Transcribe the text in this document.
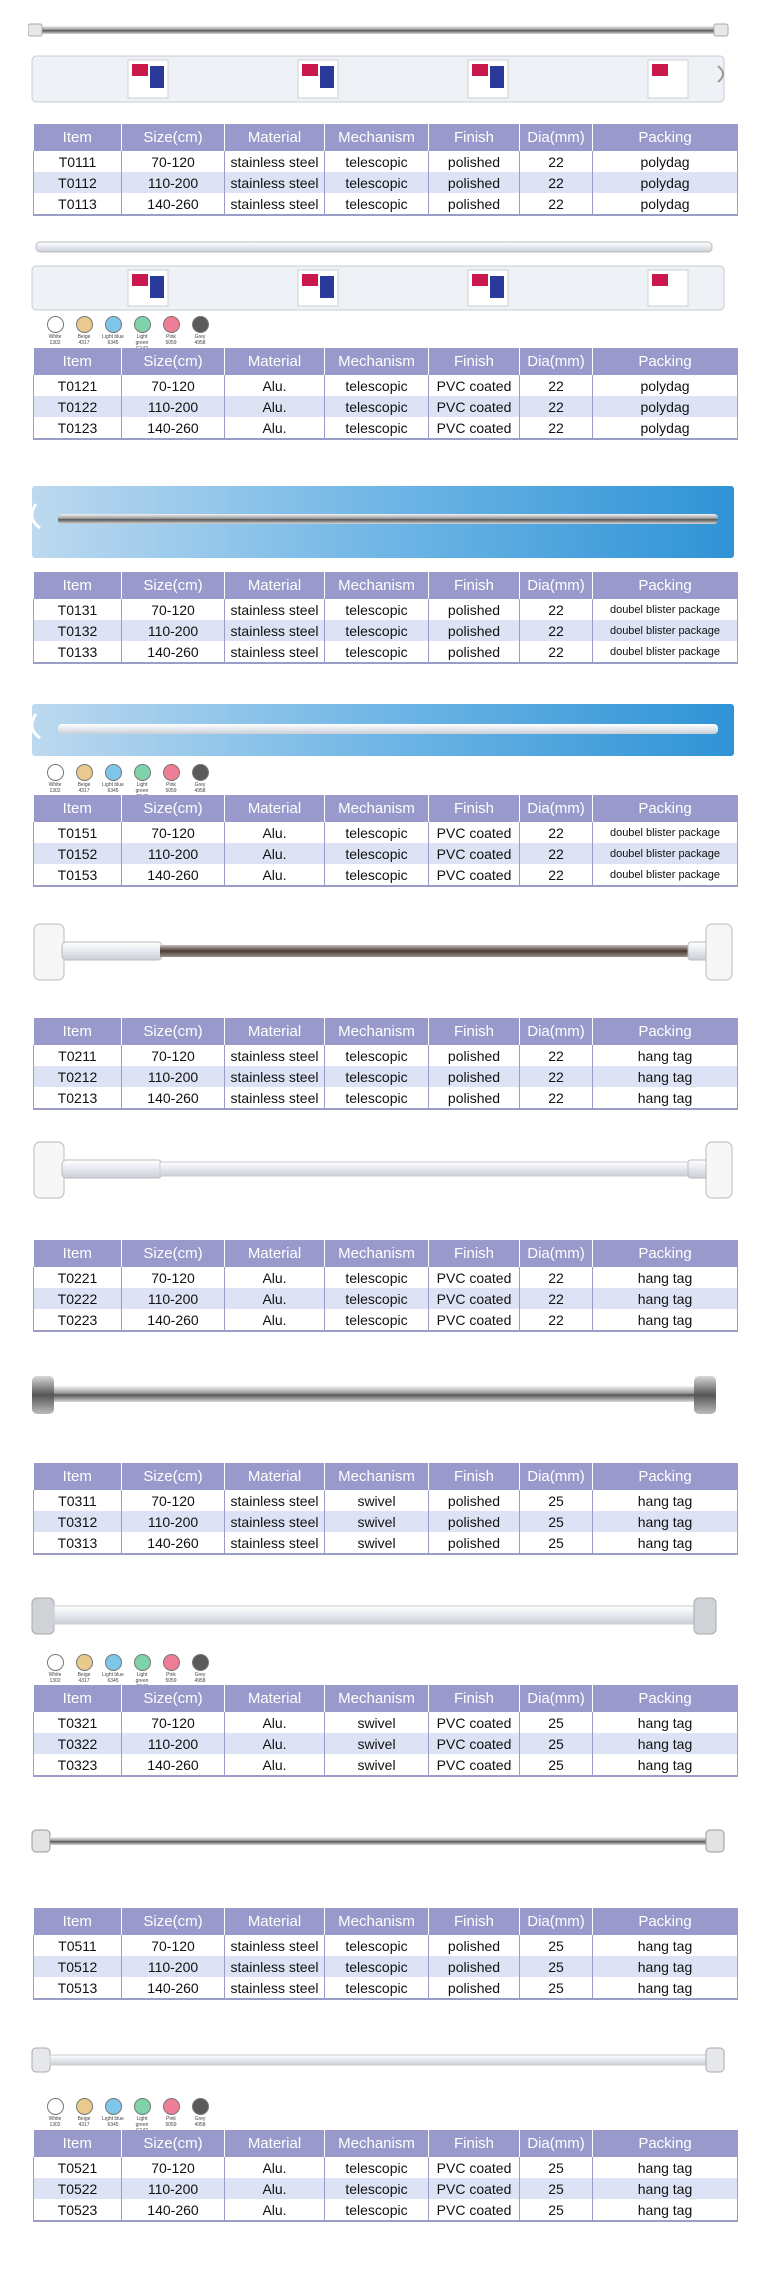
White
1302
Beige
4317
Light blue
6345
Light green
Pink
5059
Grey
4958
White
1302
Beige
4317
Light blue
6345
Light green
Pink
5059
Grey
4958
White
1302
Beige
4317
Light blue
6345
Light green
Pink
5059
Grey
4958
White
1302
Beige
4317
Light blue
6345
Light green
Pink
5059
Grey
4958
Item	Size(cm)	Material	Mechanism	Finish	Dia(mm)	Packing
T0111	70-120	stainless steel	telescopic	polished	22	polydag
T0112	110-200	stainless steel	telescopic	polished	22	polydag
T0113	140-260	stainless steel	telescopic	polished	22	polydag
Item	Size(cm)	Material	Mechanism	Finish	Dia(mm)	Packing
T0121	70-120	Alu.	telescopic	PVC coated	22	polydag
T0122	110-200	Alu.	telescopic	PVC coated	22	polydag
T0123	140-260	Alu.	telescopic	PVC coated	22	polydag
Item	Size(cm)	Material	Mechanism	Finish	Dia(mm)	Packing
T0131	70-120	stainless steel	telescopic	polished	22	doubel blister package
T0132	110-200	stainless steel	telescopic	polished	22	doubel blister package
T0133	140-260	stainless steel	telescopic	polished	22	doubel blister package
Item	Size(cm)	Material	Mechanism	Finish	Dia(mm)	Packing
T0151	70-120	Alu.	telescopic	PVC coated	22	doubel blister package
T0152	110-200	Alu.	telescopic	PVC coated	22	doubel blister package
T0153	140-260	Alu.	telescopic	PVC coated	22	doubel blister package
Item	Size(cm)	Material	Mechanism	Finish	Dia(mm)	Packing
T0211	70-120	stainless steel	telescopic	polished	22	hang tag
T0212	110-200	stainless steel	telescopic	polished	22	hang tag
T0213	140-260	stainless steel	telescopic	polished	22	hang tag
Item	Size(cm)	Material	Mechanism	Finish	Dia(mm)	Packing
T0221	70-120	Alu.	telescopic	PVC coated	22	hang tag
T0222	110-200	Alu.	telescopic	PVC coated	22	hang tag
T0223	140-260	Alu.	telescopic	PVC coated	22	hang tag
Item	Size(cm)	Material	Mechanism	Finish	Dia(mm)	Packing
T0311	70-120	stainless steel	swivel	polished	25	hang tag
T0312	110-200	stainless steel	swivel	polished	25	hang tag
T0313	140-260	stainless steel	swivel	polished	25	hang tag
Item	Size(cm)	Material	Mechanism	Finish	Dia(mm)	Packing
T0321	70-120	Alu.	swivel	PVC coated	25	hang tag
T0322	110-200	Alu.	swivel	PVC coated	25	hang tag
T0323	140-260	Alu.	swivel	PVC coated	25	hang tag
Item	Size(cm)	Material	Mechanism	Finish	Dia(mm)	Packing
T0511	70-120	stainless steel	telescopic	polished	25	hang tag
T0512	110-200	stainless steel	telescopic	polished	25	hang tag
T0513	140-260	stainless steel	telescopic	polished	25	hang tag
Item	Size(cm)	Material	Mechanism	Finish	Dia(mm)	Packing
T0521	70-120	Alu.	telescopic	PVC coated	25	hang tag
T0522	110-200	Alu.	telescopic	PVC coated	25	hang tag
T0523	140-260	Alu.	telescopic	PVC coated	25	hang tag
